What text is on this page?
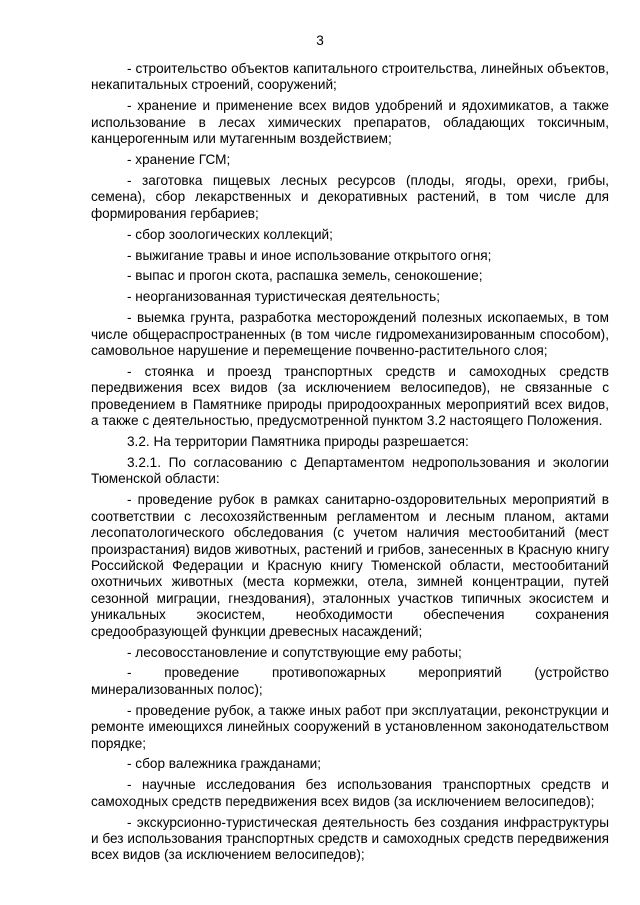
3

- строительство объектов капитального строительства, линейных объектов, некапитальных строений, сооружений;

- хранение и применение всех видов удобрений и ядохимикатов, а также использование в лесах химических препаратов, обладающих токсичным, канцерогенным или мутагенным воздействием;

- хранение ГСМ;

- заготовка пищевых лесных ресурсов (плоды, ягоды, орехи, грибы, семена), сбор лекарственных и декоративных растений, в том числе для формирования гербариев;

- сбор зоологических коллекций;

- выжигание травы и иное использование открытого огня;

- выпас и прогон скота, распашка земель, сенокошение;

- неорганизованная туристическая деятельность;

- выемка грунта, разработка месторождений полезных ископаемых, в том числе общераспространенных (в том числе гидромеханизированным способом), самовольное нарушение и перемещение почвенно-растительного слоя;

- стоянка и проезд транспортных средств и самоходных средств передвижения всех видов (за исключением велосипедов), не связанные с проведением в Памятнике природы природоохранных мероприятий всех видов, а также с деятельностью, предусмотренной пунктом 3.2 настоящего Положения.

3.2. На территории Памятника природы разрешается:

3.2.1. По согласованию с Департаментом недропользования и экологии Тюменской области:

- проведение рубок в рамках санитарно-оздоровительных мероприятий в соответствии с лесохозяйственным регламентом и лесным планом, актами лесопатологического обследования (с учетом наличия местообитаний (мест произрастания) видов животных, растений и грибов, занесенных в Красную книгу Российской Федерации и Красную книгу Тюменской области, местообитаний охотничьих животных (места кормежки, отела, зимней концентрации, путей сезонной миграции, гнездования), эталонных участков типичных экосистем и уникальных экосистем, необходимости обеспечения сохранения средообразующей функции древесных насаждений;

- лесовосстановление и сопутствующие ему работы;

- проведение противопожарных мероприятий (устройство минерализованных полос);

- проведение рубок, а также иных работ при эксплуатации, реконструкции и ремонте имеющихся линейных сооружений в установленном законодательством порядке;

- сбор валежника гражданами;

- научные исследования без использования транспортных средств и самоходных средств передвижения всех видов (за исключением велосипедов);

- экскурсионно-туристическая деятельность без создания инфраструктуры и без использования транспортных средств и самоходных средств передвижения всех видов (за исключением велосипедов);
